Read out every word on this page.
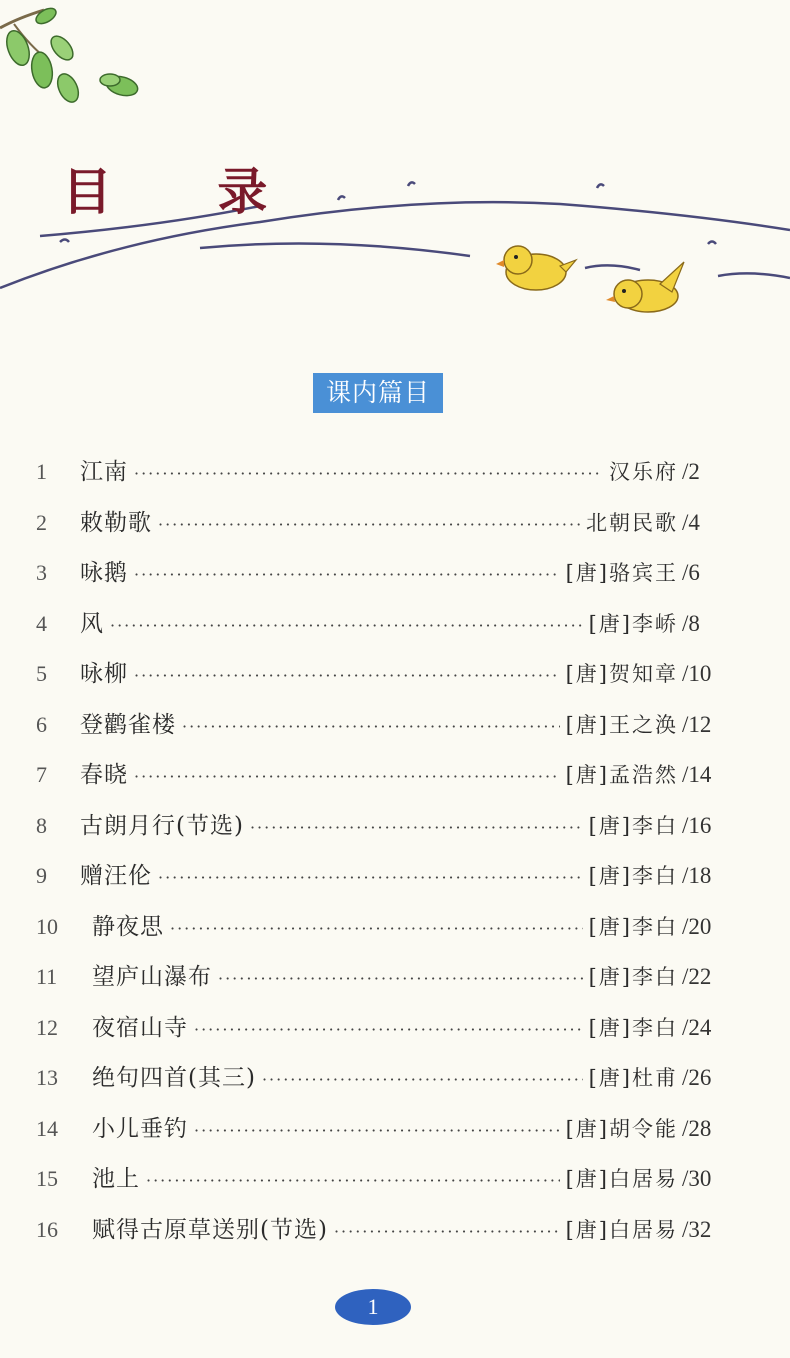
目 录
课内篇目
1	江南 ·····	汉乐府 /2
2	敕勒歌 ·····	北朝民歌 /4
3	咏鹅 ·····	[唐]骆宾王 /6
4	风 ·····	[唐]李峤 /8
5	咏柳 ·····	[唐]贺知章 /10
6	登鹳雀楼 ·····	[唐]王之涣 /12
7	春晓 ·····	[唐]孟浩然 /14
8	古朗月行(节选) ·····	[唐]李白 /16
9	赠汪伦 ·····	[唐]李白 /18
10	静夜思 ·····	[唐]李白 /20
11	望庐山瀑布 ·····	[唐]李白 /22
12	夜宿山寺 ·····	[唐]李白 /24
13	绝句四首(其三) ·····	[唐]杜甫 /26
14	小儿垂钓 ·····	[唐]胡令能 /28
15	池上 ·····	[唐]白居易 /30
16	赋得古原草送别(节选) ·····	[唐]白居易 /32
1
